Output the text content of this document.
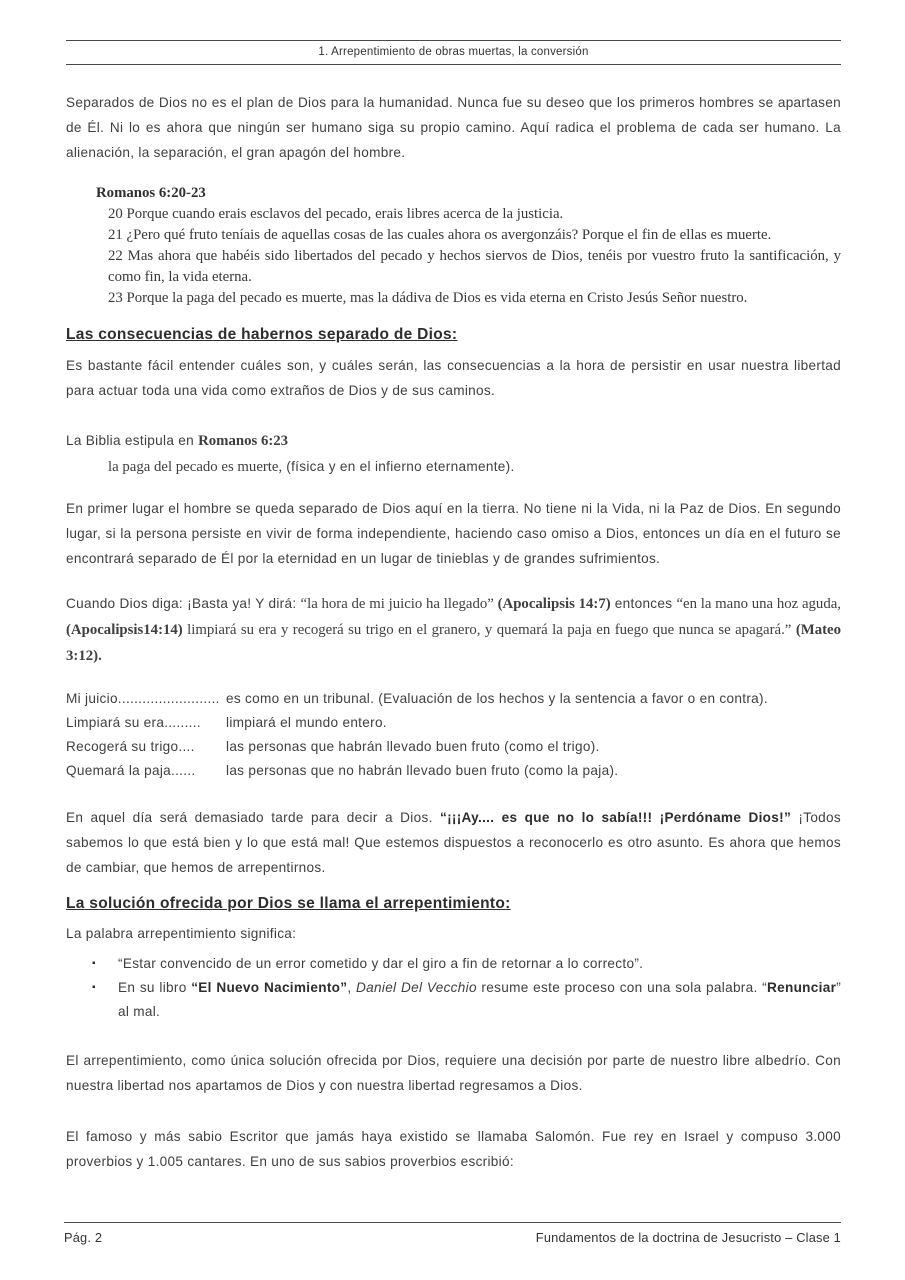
1. Arrepentimiento de obras muertas, la conversión

Separados de Dios no es el plan de Dios para la humanidad. Nunca fue su deseo que los primeros hombres se apartasen de Él. Ni lo es ahora que ningún ser humano siga su propio camino. Aquí radica el problema de cada ser humano. La alienación, la separación, el gran apagón del hombre.

Romanos 6:20-23

20 Porque cuando erais esclavos del pecado, erais libres acerca de la justicia.

21 ¿Pero qué fruto teníais de aquellas cosas de las cuales ahora os avergonzáis? Porque el fin de ellas es muerte.

22 Mas ahora que habéis sido libertados del pecado y hechos siervos de Dios, tenéis por vuestro fruto la santificación, y como fin, la vida eterna.

23 Porque la paga del pecado es muerte, mas la dádiva de Dios es vida eterna en Cristo Jesús Señor nuestro.

Las consecuencias de habernos separado de Dios:

Es bastante fácil entender cuáles son, y cuáles serán, las consecuencias a la hora de persistir en usar nuestra libertad para actuar toda una vida como extraños de Dios y de sus caminos.

La Biblia estipula en Romanos 6:23

la paga del pecado es muerte, (física y en el infierno eternamente).

En primer lugar el hombre se queda separado de Dios aquí en la tierra. No tiene ni la Vida, ni la Paz de Dios. En segundo lugar, si la persona persiste en vivir de forma independiente, haciendo caso omiso a Dios, entonces un día en el futuro se encontrará separado de Él por la eternidad en un lugar de tinieblas y de grandes sufrimientos.

Cuando Dios diga: ¡Basta ya! Y dirá: “la hora de mi juicio ha llegado” (Apocalipsis 14:7) entonces “en la mano una hoz aguda, (Apocalipsis14:14) limpiará su era y recogerá su trigo en el granero, y quemará la paja en fuego que nunca se apagará.” (Mateo 3:12).

Mi juicio......................... es como en un tribunal. (Evaluación de los hechos y la sentencia a favor o en contra).
Limpiará su era.........	limpiará el mundo entero.
Recogerá su trigo....	las personas que habrán llevado buen fruto (como el trigo).
Quemará la paja......	las personas que no habrán llevado buen fruto (como la paja).

En aquel día será demasiado tarde para decir a Dios. “¡¡¡Ay.... es que no lo sabía!!! ¡Perdóname Dios!” ¡Todos sabemos lo que está bien y lo que está mal! Que estemos dispuestos a reconocerlo es otro asunto. Es ahora que hemos de cambiar, que hemos de arrepentirnos.

La solución ofrecida por Dios se llama el arrepentimiento:

La palabra arrepentimiento significa:

▪	“Estar convencido de un error cometido y dar el giro a fin de retornar a lo correcto”.
▪	En su libro “El Nuevo Nacimiento”, Daniel Del Vecchio resume este proceso con una sola palabra. “Renunciar” al mal.

El arrepentimiento, como única solución ofrecida por Dios, requiere una decisión por parte de nuestro libre albedrío. Con nuestra libertad nos apartamos de Dios y con nuestra libertad regresamos a Dios.

El famoso y más sabio Escritor que jamás haya existido se llamaba Salomón. Fue rey en Israel y compuso 3.000 proverbios y 1.005 cantares. En uno de sus sabios proverbios escribió:

Pág. 2	Fundamentos de la doctrina de Jesucristo – Clase 1
